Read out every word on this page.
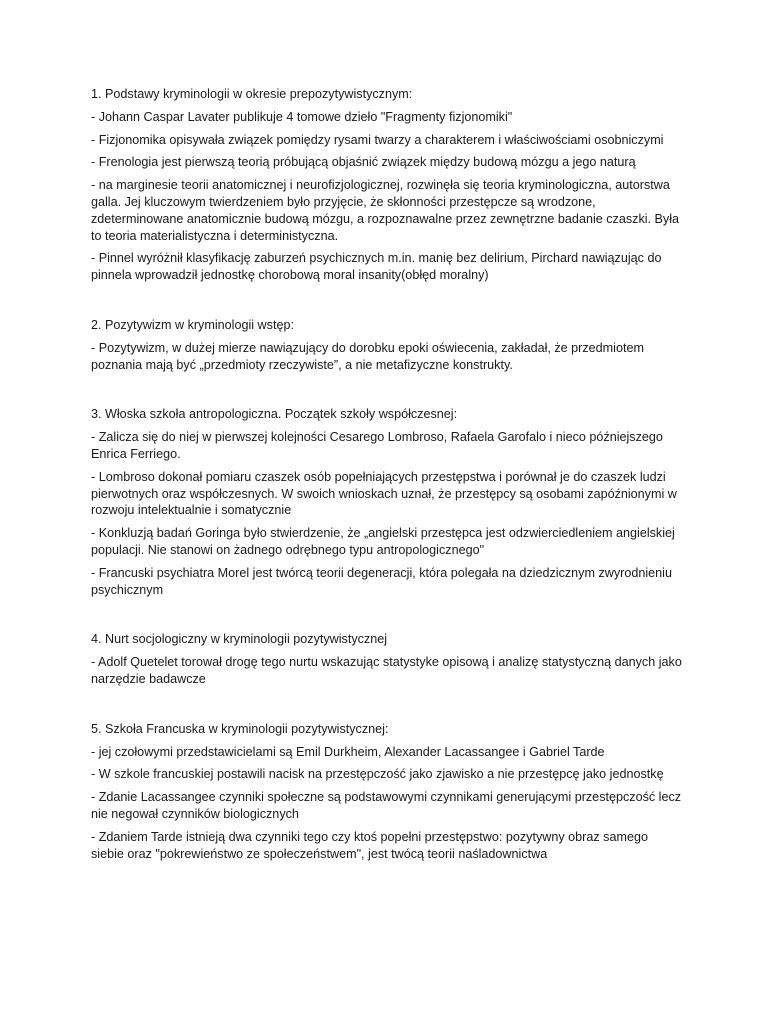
1. Podstawy kryminologii w okresie prepozytywistycznym:

- Johann Caspar Lavater publikuje 4 tomowe dzieło "Fragmenty fizjonomiki"

- Fizjonomika opisywała związek pomiędzy rysami twarzy a charakterem i właściwościami osobniczymi

- Frenologia jest pierwszą teorią próbującą objaśnić związek między budową mózgu a jego naturą

- na marginesie teorii anatomicznej i neurofizjologicznej, rozwinęła się teoria kryminologiczna, autorstwa galla. Jej kluczowym twierdzeniem było przyjęcie, że skłonności przestępcze są wrodzone, zdeterminowane anatomicznie budową mózgu, a rozpoznawalne przez zewnętrzne badanie czaszki. Była to teoria materialistyczna i deterministyczna.

- Pinnel wyróżnił klasyfikację zaburzeń psychicznych m.in. manię bez delirium, Pirchard nawiązując do pinnela wprowadził jednostkę chorobową moral insanity(obłęd moralny)

2. Pozytywizm w kryminologii wstęp:

- Pozytywizm, w dużej mierze nawiązujący do dorobku epoki oświecenia, zakładał, że przedmiotem poznania mają być „przedmioty rzeczywiste”, a nie metafizyczne konstrukty.

3. Włoska szkoła antropologiczna. Początek szkoły współczesnej:

- Zalicza się do niej w pierwszej kolejności Cesarego Lombroso, Rafaela Garofalo i nieco późniejszego Enrica Ferriego.

- Lombroso dokonał pomiaru czaszek osób popełniających przestępstwa i porównał je do czaszek ludzi pierwotnych oraz współczesnych. W swoich wnioskach uznał, że przestępcy są osobami zapóźnionymi w rozwoju intelektualnie i somatycznie

- Konkluzją badań Goringa było stwierdzenie, że „angielski przestępca jest odzwierciedleniem angielskiej populacji. Nie stanowi on żadnego odrębnego typu antropologicznego"

- Francuski psychiatra Morel jest twórcą teorii degeneracji, która polegała na dziedzicznym zwyrodnieniu psychicznym

4. Nurt socjologiczny w kryminologii pozytywistycznej

- Adolf Quetelet torował drogę tego nurtu wskazując statystyke opisową i analizę statystyczną danych jako narzędzie badawcze

5. Szkoła Francuska w kryminologii pozytywistycznej:

- jej czołowymi przedstawicielami są Emil Durkheim, Alexander Lacassangee i Gabriel Tarde

- W szkole francuskiej postawili nacisk na przestępczość jako zjawisko a nie przestępcę jako jednostkę

- Zdanie Lacassangee czynniki społeczne są podstawowymi czynnikami generującymi przestępczość lecz nie negował czynników biologicznych

- Zdaniem Tarde istnieją dwa czynniki tego czy ktoś popełni przestępstwo: pozytywny obraz samego siebie oraz "pokrewieństwo ze społeczeństwem", jest twócą teorii naśladownictwa
